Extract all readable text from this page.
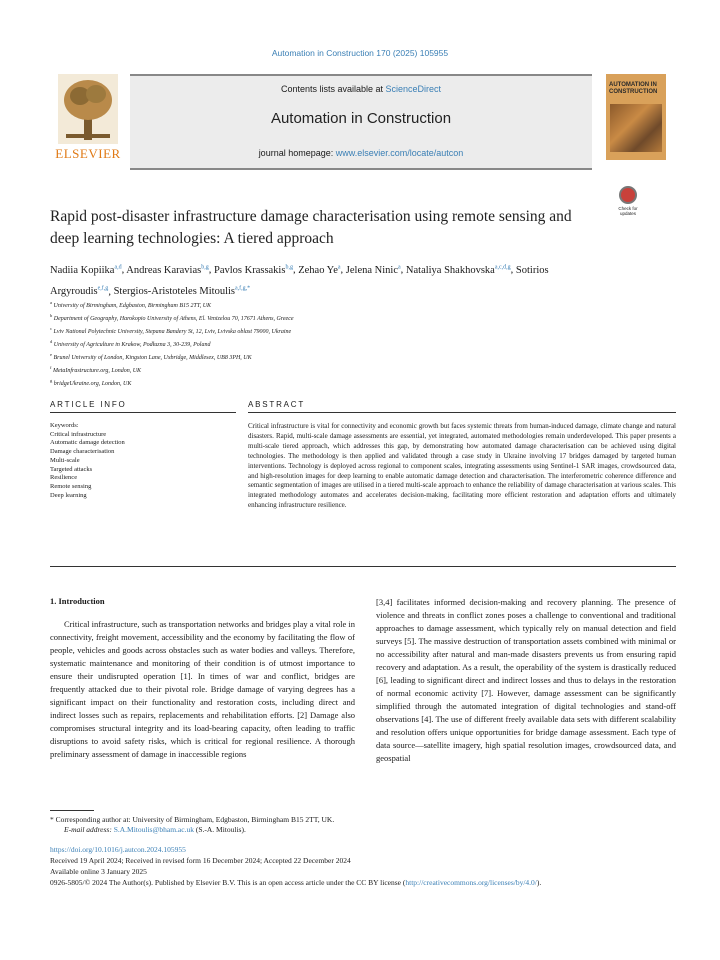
Automation in Construction 170 (2025) 105955
ELSEVIER
Contents lists available at ScienceDirect
Automation in Construction
journal homepage: www.elsevier.com/locate/autcon
AUTOMATION IN CONSTRUCTION
Check for updates
Rapid post-disaster infrastructure damage characterisation using remote sensing and deep learning technologies: A tiered approach
Nadiia Kopiika$^{a,d}$, Andreas Karavias$^{b,g}$, Pavlos Krassakis$^{b,g}$, Zehao Ye$^a$, Jelena Ninic$^a$, Nataliya Shakhovska$^{a,c,d,g}$, Sotirios Argyroudis$^{e,f,g}$, Stergios-Aristoteles Mitoulis$^{a,f,g,*}$
$^a$ University of Birmingham, Edgbaston, Birmingham B15 2TT, UK
$^b$ Department of Geography, Harokopio University of Athens, El. Venizelou 70, 17671 Athens, Greece
$^c$ Lviv National Polytechnic University, Stepana Bandery St, 12, Lviv, Lvivska oblast 79000, Ukraine
$^d$ University of Agriculture in Krakow, Podłuzna 3, 30-239, Poland
$^e$ Brunel University of London, Kingston Lane, Uxbridge, Middlesex, UB8 3PH, UK
$^f$ MetaInfrastructure.org, London, UK
$^g$ bridgeUkraine.org, London, UK
ARTICLE INFO	ABSTRACT
Keywords:
Critical infrastructure
Automatic damage detection
Damage characterisation
Multi-scale
Targeted attacks
Resilience
Remote sensing
Deep learning
Critical infrastructure is vital for connectivity and economic growth but faces systemic threats from human-induced damage, climate change and natural disasters. Rapid, multi-scale damage assessments are essential, yet integrated, automated methodologies remain underdeveloped. This paper presents a multi-scale tiered approach, which addresses this gap, by demonstrating how automated damage characterisation can be achieved using digital technologies. The methodology is then applied and validated through a case study in Ukraine involving 17 bridges damaged by targeted human interventions. Technology is deployed across regional to component scales, integrating assessments using Sentinel-1 SAR images, crowdsourced data, and high-resolution images for deep learning to enable automatic damage detection and characterisation. The interferometric coherence difference and semantic segmentation of images are utilised in a tiered multi-scale approach to enhance the reliability of damage characterisation at various scales. This integrated methodology automates and accelerates decision-making, facilitating more efficient restoration and adaptation efforts and ultimately enhancing infrastructure resilience.
1. Introduction
Critical infrastructure, such as transportation networks and bridges play a vital role in connectivity, freight movement, accessibility and the economy by facilitating the flow of people, vehicles and goods across obstacles such as water bodies and valleys. Therefore, systematic maintenance and monitoring of their condition is of utmost importance to ensure their undisrupted operation [1]. In times of war and conflict, bridges are frequently attacked due to their pivotal role. Bridge damage of varying degrees has a significant impact on their functionality and restoration costs, including direct and indirect losses such as repairs, replacements and rehabilitation efforts. [2] Damage also compromises structural integrity and its load-bearing capacity, often leading to traffic disruptions to avoid safety risks, which is critical for regional resilience. A thorough preliminary assessment of damage in inaccessible regions
[3,4] facilitates informed decision-making and recovery planning. The presence of violence and threats in conflict zones poses a challenge to conventional and traditional approaches to damage assessment, which typically rely on manual detection and field surveys [5]. The massive destruction of transportation assets combined with minimal or no accessibility after natural and man-made disasters prevents us from ensuring rapid recovery and adaptation. As a result, the operability of the system is drastically reduced [6], leading to significant direct and indirect losses and thus to delays in the restoration of normal economic activity [7]. However, damage assessment can be significantly simplified through the automated integration of digital technologies and stand-off observations [4]. The use of different freely available data sets with different scalability and resolution offers unique opportunities for bridge damage assessment. Each type of data source—satellite imagery, high spatial resolution images, crowdsourced data, and geospatial
* Corresponding author at: University of Birmingham, Edgbaston, Birmingham B15 2TT, UK.
E-mail address: S.A.Mitoulis@bham.ac.uk (S.-A. Mitoulis).
https://doi.org/10.1016/j.autcon.2024.105955
Received 19 April 2024; Received in revised form 16 December 2024; Accepted 22 December 2024
Available online 3 January 2025
0926-5805/© 2024 The Author(s). Published by Elsevier B.V. This is an open access article under the CC BY license (http://creativecommons.org/licenses/by/4.0/).
